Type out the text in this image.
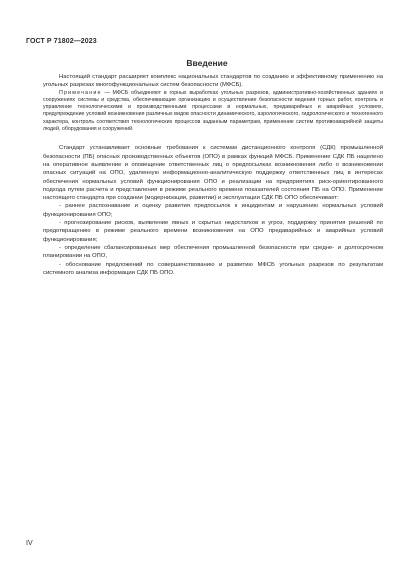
ГОСТ Р 71802—2023
Введение

Настоящий стандарт расширяет комплекс национальных стандартов по созданию и эффективному применению на угольных разрезах многофункциональных систем безопасности (МФСБ).

Примечание — МФСБ объединяют в горных выработках угольных разрезов, административно-хозяйственных зданиях и сооружениях системы и средства, обеспечивающие организацию и осуществление безопасности ведения горных работ, контроль и управление технологическими и производственными процессами в нормальных, предаварийных и аварийных условиях, предупреждение условий возникновения различных видов опасности динамического, аэрологического, гидрологического и техногенного характера, контроль соответствия технологических процессов заданным параметрам, применение систем противоаварийной защиты людей, оборудования и сооружений.

Стандарт устанавливает основные требования к системам дистанционного контроля (СДК) промышленной безопасности (ПБ) опасных производственных объектов (ОПО) в рамках функций МФСБ. Применение СДК ПБ нацелено на оперативное выявление и оповещение ответственных лиц о предпосылках возникновения либо о возникновении опасных ситуаций на ОПО, удаленную информационно-аналитическую поддержку ответственных лиц в интересах обеспечения нормальных условий функционирования ОПО и реализации на предприятиях риск-ориентированного подхода путем расчета и представления в режиме реального времени показателей состояния ПБ на ОПО. Применение настоящего стандарта при создании (модернизации, развитии) и эксплуатации СДК ПБ ОПО обеспечивает:

- раннее распознавание и оценку развития предпосылок к инцидентам и нарушению нормальных условий функционирования ОПО;

- прогнозирование рисков, выявление явных и скрытых недостатков и угроз, поддержку принятия решений по предотвращению в режиме реального времени возникновения на ОПО предаварийных и аварийных условий функционирования;

- определение сбалансированных мер обеспечения промышленной безопасности при средне- и долгосрочном планировании на ОПО,

- обоснование предложений по совершенствованию и развитию МФСБ угольных разрезов по результатам системного анализа информации СДК ПБ ОПО.

IV
